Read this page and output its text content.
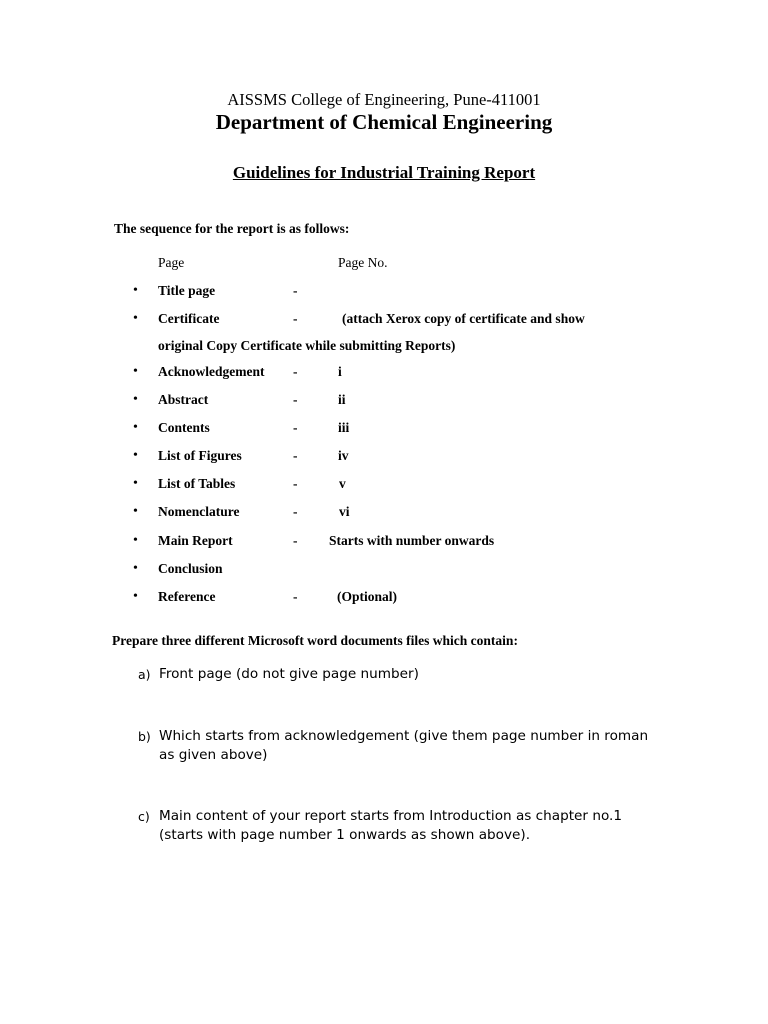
AISSMS College of Engineering, Pune-411001
Department of Chemical Engineering
Guidelines for Industrial Training Report
The sequence for the report is as follows:
Page	Page No.
• Title page	-
• Certificate	-	(attach Xerox copy of certificate and show
original Copy Certificate while submitting Reports)
• Acknowledgement -	i
• Abstract	-	ii
• Contents	-	iii
• List of Figures	-	iv
• List of Tables	-	v
• Nomenclature	-	vi
• Main Report	- Starts with number onwards
• Conclusion
• Reference	-	(Optional)
Prepare three different Microsoft word documents files which contain:
a) Front page (do not give page number)
b) Which starts from acknowledgement (give them page number in roman as given above)
c) Main content of your report starts from Introduction as chapter no.1 (starts with page number 1 onwards as shown above).
